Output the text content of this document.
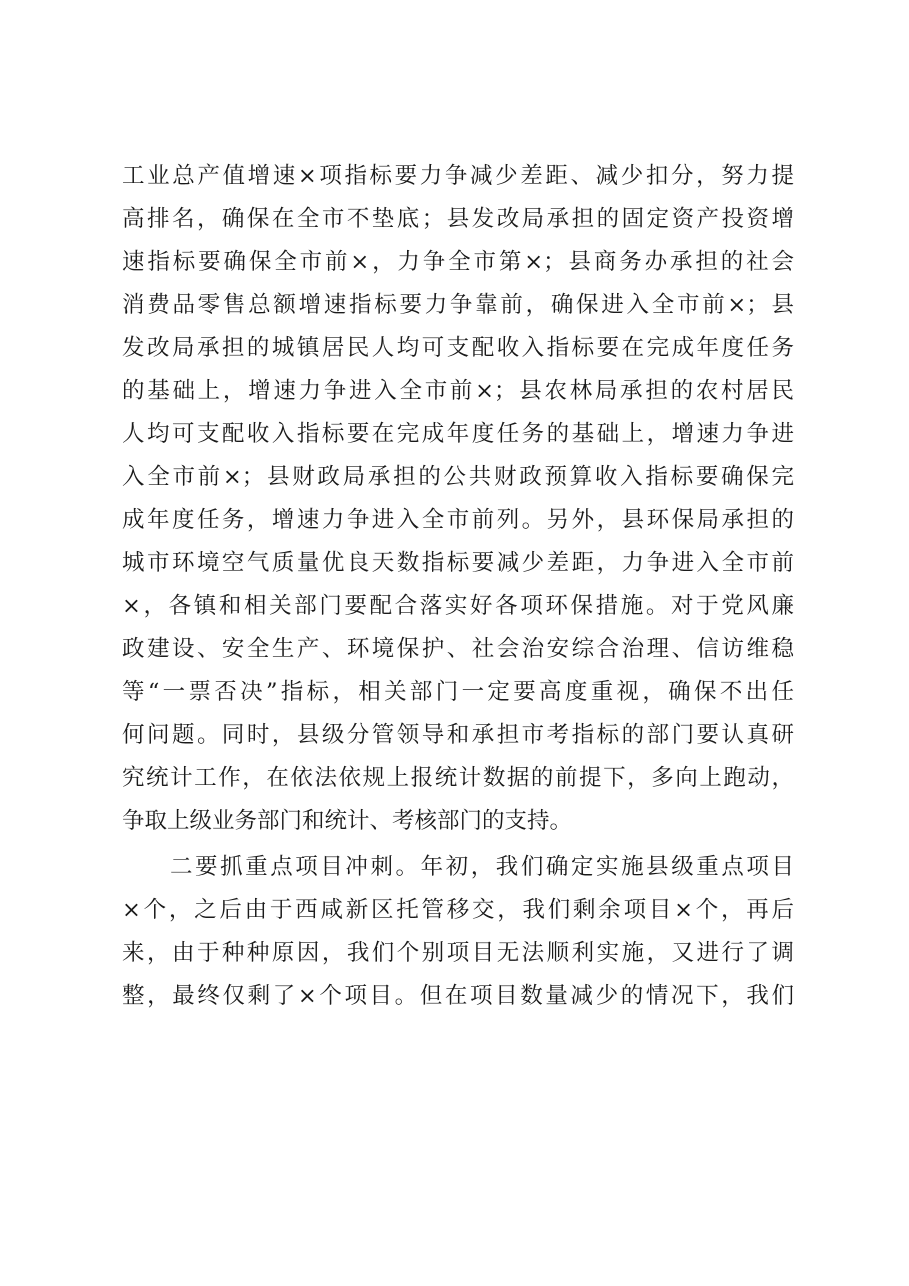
工业总产值增速×项指标要力争减少差距、减少扣分，努力提
高排名，确保在全市不垫底；县发改局承担的固定资产投资增
速指标要确保全市前×，力争全市第×；县商务办承担的社会
消费品零售总额增速指标要力争靠前，确保进入全市前×；县
发改局承担的城镇居民人均可支配收入指标要在完成年度任务
的基础上，增速力争进入全市前×；县农林局承担的农村居民
人均可支配收入指标要在完成年度任务的基础上，增速力争进
入全市前×；县财政局承担的公共财政预算收入指标要确保完
成年度任务，增速力争进入全市前列。另外，县环保局承担的
城市环境空气质量优良天数指标要减少差距，力争进入全市前
×，各镇和相关部门要配合落实好各项环保措施。对于党风廉
政建设、安全生产、环境保护、社会治安综合治理、信访维稳
等“一票否决”指标，相关部门一定要高度重视，确保不出任
何问题。同时，县级分管领导和承担市考指标的部门要认真研
究统计工作，在依法依规上报统计数据的前提下，多向上跑动，
争取上级业务部门和统计、考核部门的支持。
二要抓重点项目冲刺。年初，我们确定实施县级重点项目
×个，之后由于西咸新区托管移交，我们剩余项目×个，再后
来，由于种种原因，我们个别项目无法顺利实施，又进行了调
整，最终仅剩了×个项目。但在项目数量减少的情况下，我们
